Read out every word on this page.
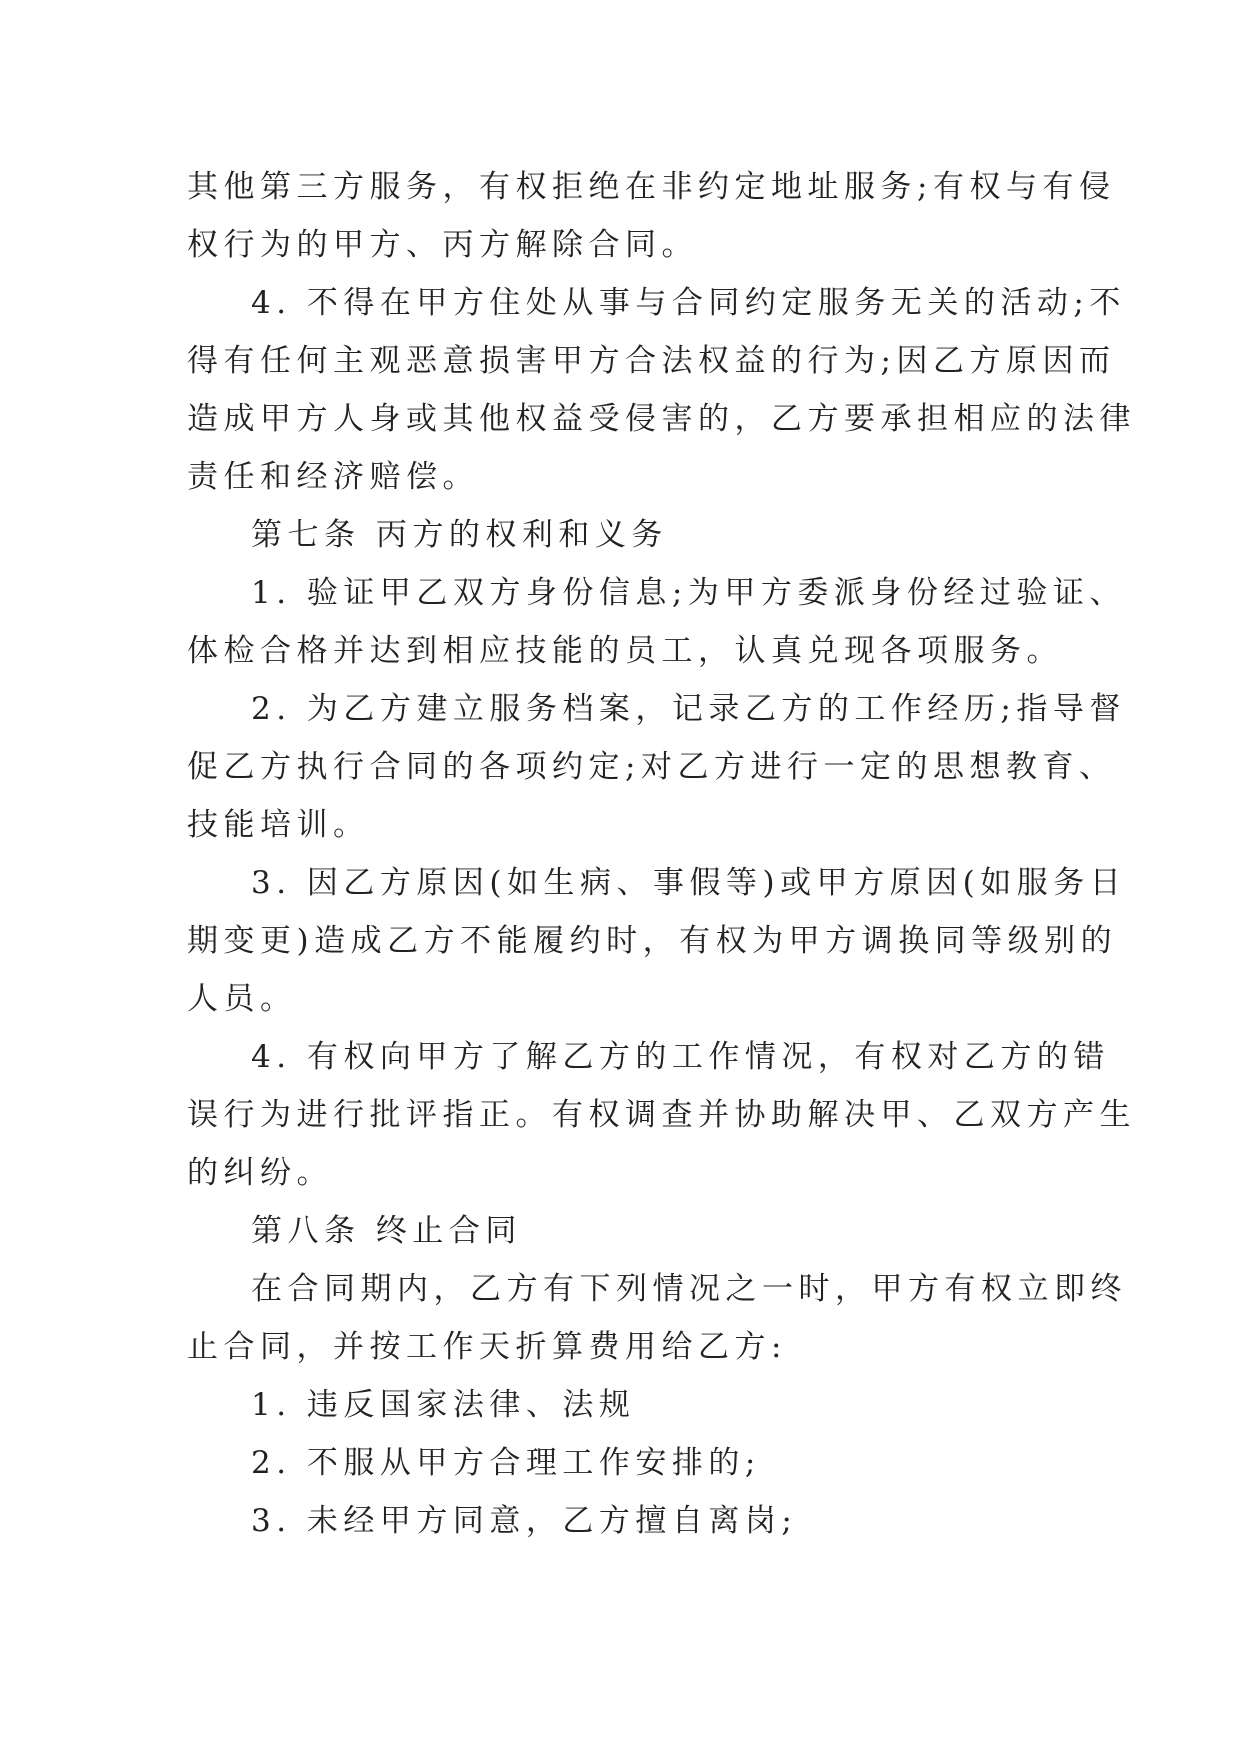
其他第三方服务，有权拒绝在非约定地址服务;有权与有侵
权行为的甲方、丙方解除合同。
4. 不得在甲方住处从事与合同约定服务无关的活动;不
得有任何主观恶意损害甲方合法权益的行为;因乙方原因而
造成甲方人身或其他权益受侵害的，乙方要承担相应的法律
责任和经济赔偿。
第七条 丙方的权利和义务
1. 验证甲乙双方身份信息;为甲方委派身份经过验证、
体检合格并达到相应技能的员工，认真兑现各项服务。
2. 为乙方建立服务档案，记录乙方的工作经历;指导督
促乙方执行合同的各项约定;对乙方进行一定的思想教育、
技能培训。
3. 因乙方原因(如生病、事假等)或甲方原因(如服务日
期变更)造成乙方不能履约时，有权为甲方调换同等级别的
人员。
4. 有权向甲方了解乙方的工作情况，有权对乙方的错
误行为进行批评指正。有权调查并协助解决甲、乙双方产生
的纠纷。
第八条 终止合同
在合同期内，乙方有下列情况之一时，甲方有权立即终
止合同，并按工作天折算费用给乙方:
1. 违反国家法律、法规
2. 不服从甲方合理工作安排的;
3. 未经甲方同意，乙方擅自离岗;
